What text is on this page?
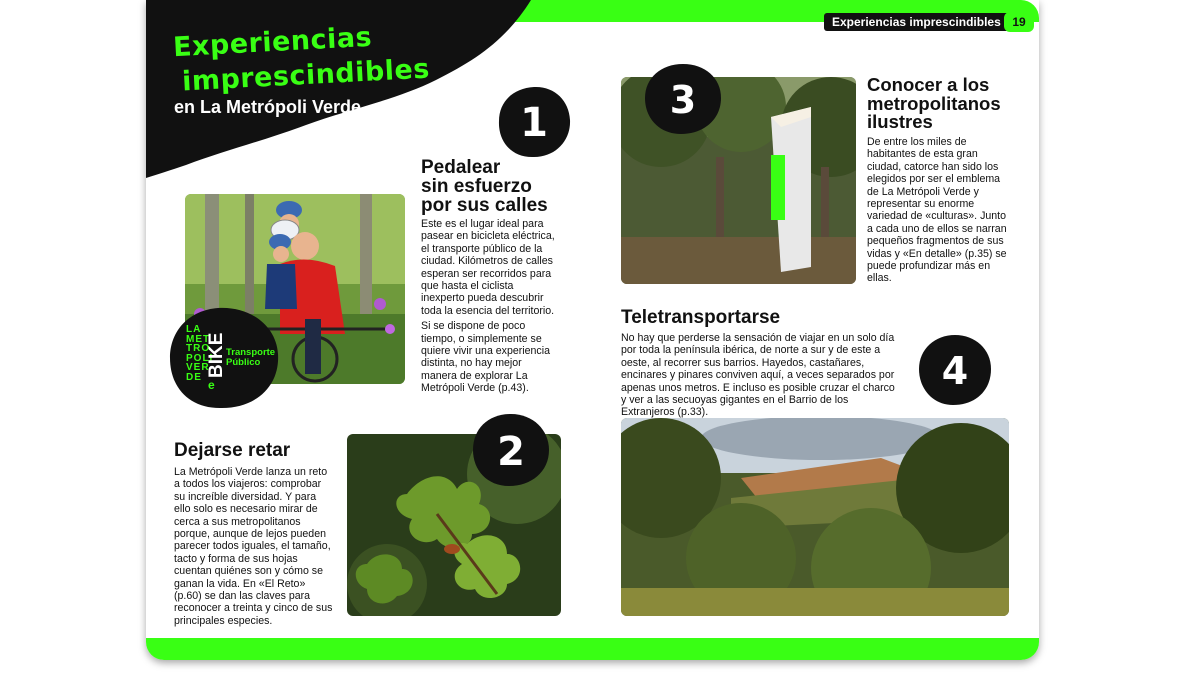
Experiencias imprescindibles 19
Experiencias
imprescindibles
en La Metrópoli Verde	1
Pedalear
sin esfuerzo
por sus calles

Este es el lugar ideal para pasear en bicicleta eléctrica, el transporte público de la ciudad. Kilómetros de calles esperan ser recorridos para que hasta el ciclista inexperto pueda descubrir toda la esencia del territorio.

Si se dispone de poco tiempo, o simplemente se quiere vivir una experiencia distinta, no hay mejor manera de explorar La Metrópoli Verde (p.43).

LA
MET
TRO
POLI
VER
DE BIKE Transporte
Público
e
Dejarse retar

La Metrópoli Verde lanza un reto a todos los viajeros: comprobar su increíble diversidad. Y para ello solo es necesario mirar de cerca a sus metropolitanos porque, aunque de lejos pueden parecer todos iguales, el tamaño, tacto y forma de sus hojas cuentan quiénes son y cómo se ganan la vida. En «El Reto» (p.60) se dan las claves para reconocer a treinta y cinco de sus principales especies.

2
3	Conocer a los
metropolitanos
ilustres

De entre los miles de habitantes de esta gran ciudad, catorce han sido los elegidos por ser el emblema de La Metrópoli Verde y representar su enorme variedad de «culturas». Junto a cada uno de ellos se narran pequeños fragmentos de sus vidas y «En detalle» (p.35) se puede profundizar más en ellas.

Teletransportarse

No hay que perderse la sensación de viajar en un solo día por toda la península ibérica, de norte a sur y de este a oeste, al recorrer sus barrios. Hayedos, castañares, encinares y pinares conviven aquí, a veces separados por apenas unos metros. E incluso es posible cruzar el charco y ver a las secuoyas gigantes en el Barrio de los Extranjeros (p.33).

4
